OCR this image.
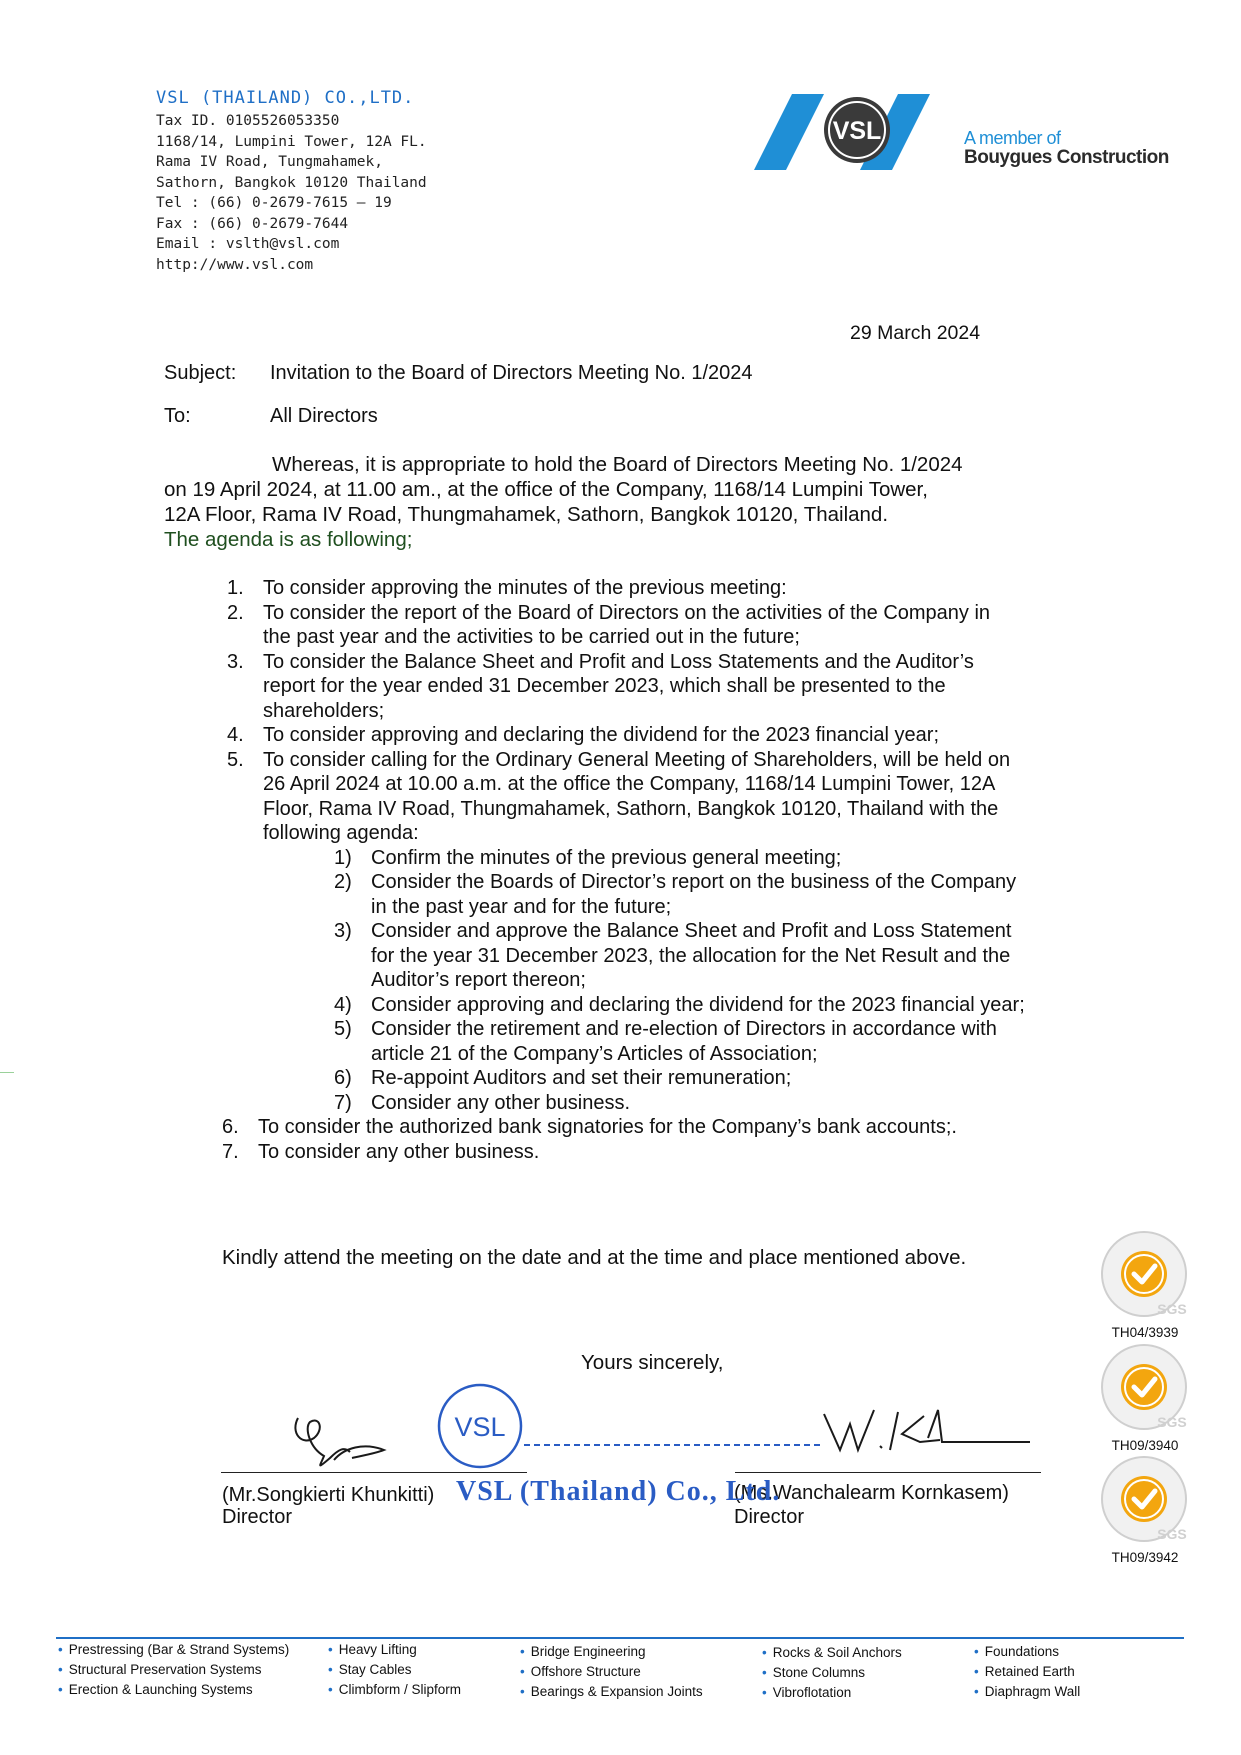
VSL (THAILAND) CO.,LTD.
Tax ID. 0105526053350
1168/14, Lumpini Tower, 12A FL.
Rama IV Road, Tungmahamek,
Sathorn, Bangkok 10120 Thailand
Tel : (66) 0-2679-7615 – 19
Fax : (66) 0-2679-7644
Email : vslth@vsl.com
http://www.vsl.com
VSL	A member of
Bouygues Construction
29 March 2024
Subject: Invitation to the Board of Directors Meeting No. 1/2024
To:	All Directors
Whereas, it is appropriate to hold the Board of Directors Meeting No. 1/2024
on 19 April 2024, at 11.00 am., at the office of the Company, 1168/14 Lumpini Tower,
12A Floor, Rama IV Road, Thungmahamek, Sathorn, Bangkok 10120, Thailand.
The agenda is as following;
1. To consider approving the minutes of the previous meeting:
2. To consider the report of the Board of Directors on the activities of the Company in
the past year and the activities to be carried out in the future;
3. To consider the Balance Sheet and Profit and Loss Statements and the Auditor’s
report for the year ended 31 December 2023, which shall be presented to the
shareholders;
4. To consider approving and declaring the dividend for the 2023 financial year;
5. To consider calling for the Ordinary General Meeting of Shareholders, will be held on
26 April 2024 at 10.00 a.m. at the office the Company, 1168/14 Lumpini Tower, 12A
Floor, Rama IV Road, Thungmahamek, Sathorn, Bangkok 10120, Thailand with the
following agenda:
1) Confirm the minutes of the previous general meeting;
2) Consider the Boards of Director’s report on the business of the Company
in the past year and for the future;
3) Consider and approve the Balance Sheet and Profit and Loss Statement
for the year 31 December 2023, the allocation for the Net Result and the
Auditor’s report thereon;
4) Consider approving and declaring the dividend for the 2023 financial year;
5) Consider the retirement and re-election of Directors in accordance with
article 21 of the Company’s Articles of Association;
6) Re-appoint Auditors and set their remuneration;
7) Consider any other business.
6. To consider the authorized bank signatories for the Company’s bank accounts;.
7. To consider any other business.
Kindly attend the meeting on the date and at the time and place mentioned above.
Yours sincerely,
VSL
(Mr.Songkierti Khunkitti)
Director
(Ms.Wanchalearm Kornkasem)
Director
VSL (Thailand) Co., Ltd.
SGS
TH04/3939
SGS
TH09/3940
SGS
TH09/3942
• Prestressing (Bar & Strand Systems)
• Structural Preservation Systems
• Erection & Launching Systems
• Heavy Lifting
• Stay Cables
• Climbform / Slipform
• Bridge Engineering
• Offshore Structure
• Bearings & Expansion Joints
• Rocks & Soil Anchors
• Stone Columns
• Vibroflotation
• Foundations
• Retained Earth
• Diaphragm Wall
